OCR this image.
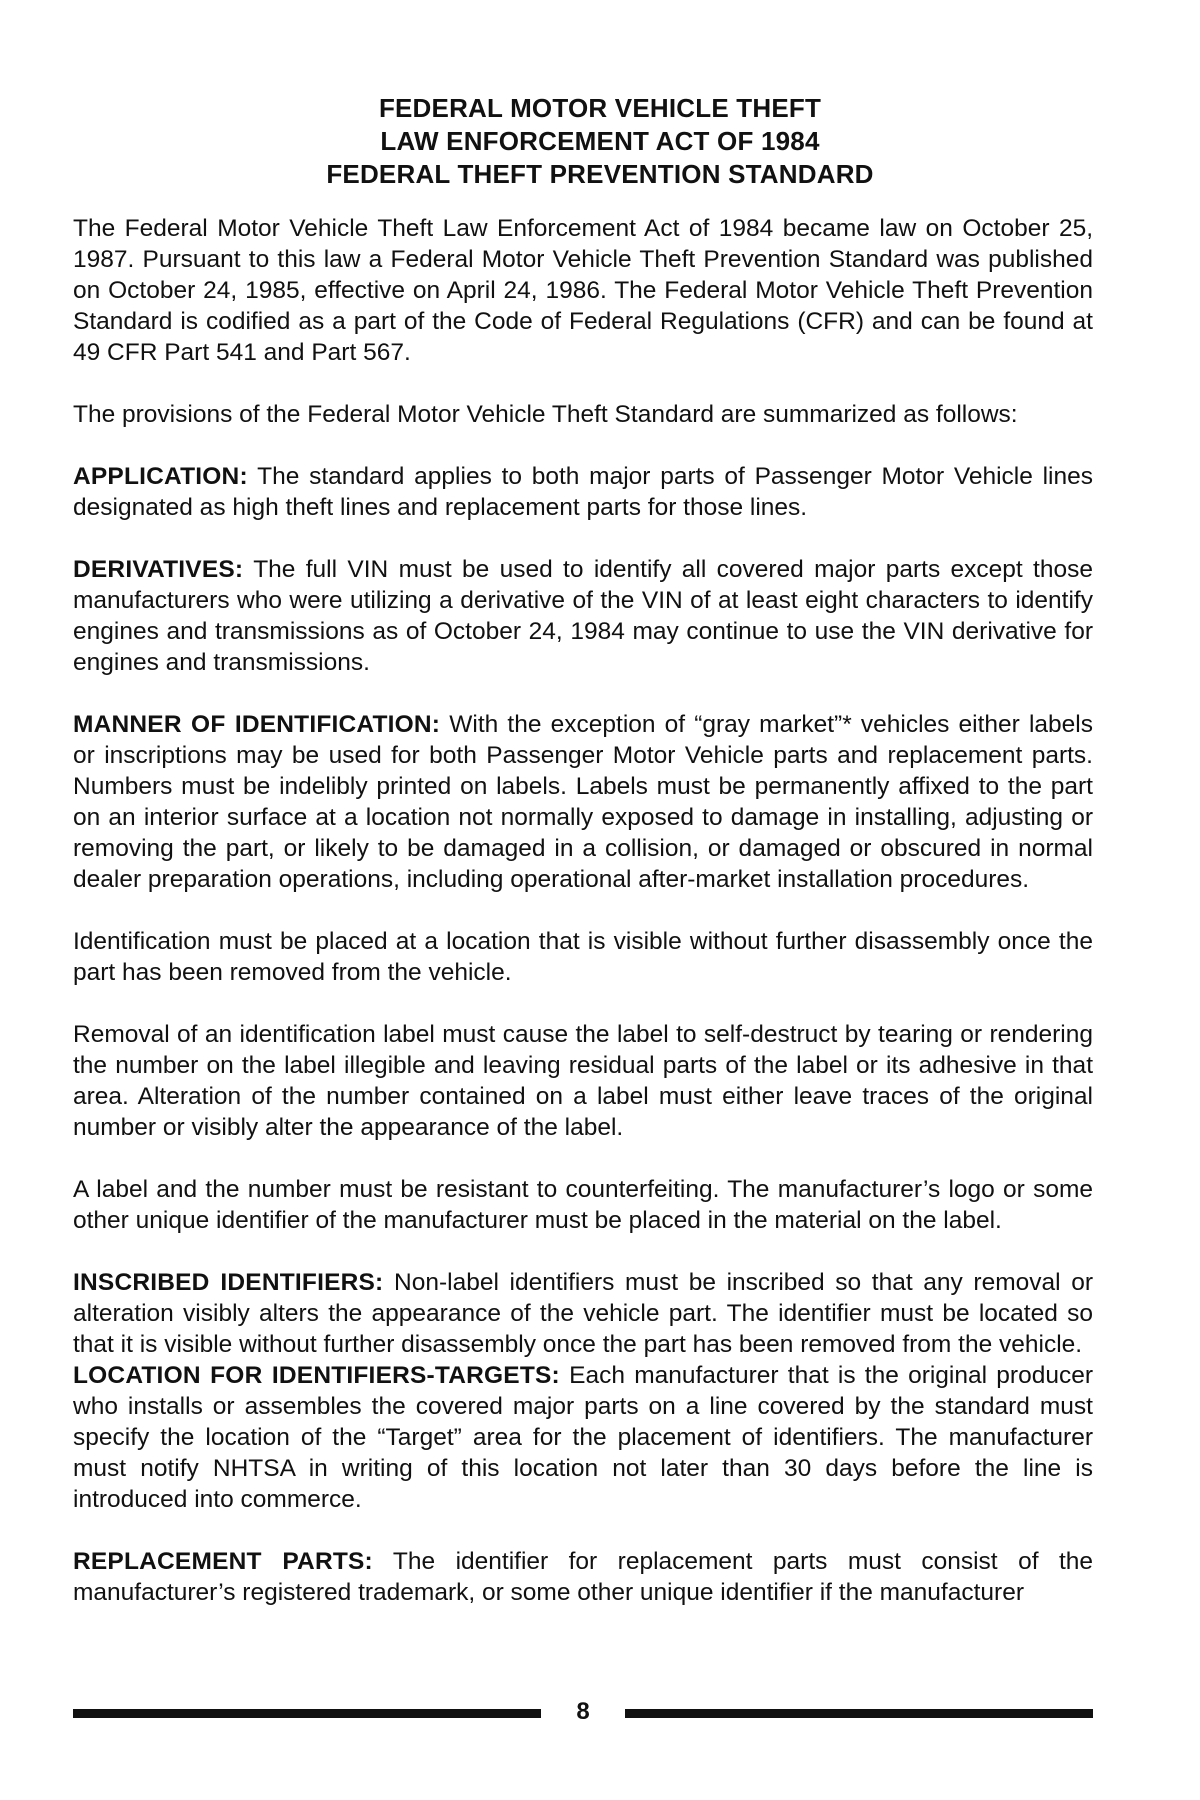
FEDERAL MOTOR VEHICLE THEFT
LAW ENFORCEMENT ACT OF 1984
FEDERAL THEFT PREVENTION STANDARD

The Federal Motor Vehicle Theft Law Enforcement Act of 1984 became law on October 25, 1987. Pursuant to this law a Federal Motor Vehicle Theft Prevention Standard was published on October 24, 1985, effective on April 24, 1986. The Federal Motor Vehicle Theft Prevention Standard is codified as a part of the Code of Federal Regulations (CFR) and can be found at 49 CFR Part 541 and Part 567.

The provisions of the Federal Motor Vehicle Theft Standard are summarized as follows:

APPLICATION: The standard applies to both major parts of Passenger Motor Vehicle lines designated as high theft lines and replacement parts for those lines.

DERIVATIVES: The full VIN must be used to identify all covered major parts except those manufacturers who were utilizing a derivative of the VIN of at least eight characters to identify engines and transmissions as of October 24, 1984 may continue to use the VIN derivative for engines and transmissions.

MANNER OF IDENTIFICATION: With the exception of “gray market”* vehicles either labels or inscriptions may be used for both Passenger Motor Vehicle parts and replacement parts. Numbers must be indelibly printed on labels. Labels must be permanently affixed to the part on an interior surface at a location not normally exposed to damage in installing, adjusting or removing the part, or likely to be damaged in a collision, or damaged or obscured in normal dealer preparation operations, including operational after-market installation procedures.

Identification must be placed at a location that is visible without further disassembly once the part has been removed from the vehicle.

Removal of an identification label must cause the label to self-destruct by tearing or rendering the number on the label illegible and leaving residual parts of the label or its adhesive in that area. Alteration of the number contained on a label must either leave traces of the original number or visibly alter the appearance of the label.

A label and the number must be resistant to counterfeiting. The manufacturer’s logo or some other unique identifier of the manufacturer must be placed in the material on the label.

INSCRIBED IDENTIFIERS: Non-label identifiers must be inscribed so that any removal or alteration visibly alters the appearance of the vehicle part. The identifier must be located so that it is visible without further disassembly once the part has been removed from the vehicle.

LOCATION FOR IDENTIFIERS-TARGETS: Each manufacturer that is the original producer who installs or assembles the covered major parts on a line covered by the standard must specify the location of the “Target” area for the placement of identifiers. The manufacturer must notify NHTSA in writing of this location not later than 30 days before the line is introduced into commerce.

REPLACEMENT PARTS: The identifier for replacement parts must consist of the manufacturer’s registered trademark, or some other unique identifier if the manufacturer

8
